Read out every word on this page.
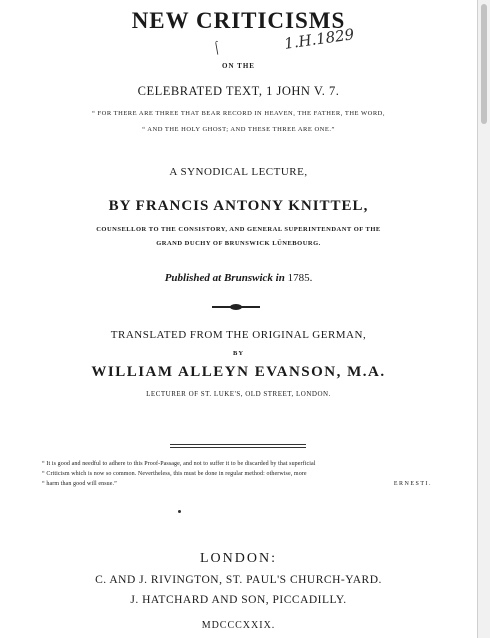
NEW CRITICISMS
⌠	1.H.1829
ON THE
CELEBRATED TEXT, 1 JOHN V. 7.
“ FOR THERE ARE THREE THAT BEAR RECORD IN HEAVEN, THE FATHER, THE WORD,
“ AND THE HOLY GHOST; AND THESE THREE ARE ONE.”
A SYNODICAL LECTURE,
BY FRANCIS ANTONY KNITTEL,
COUNSELLOR TO THE CONSISTORY, AND GENERAL SUPERINTENDANT OF THE
GRAND DUCHY OF BRUNSWICK LÜNEBOURG.
Published at Brunswick in 1785.
TRANSLATED FROM THE ORIGINAL GERMAN,
BY
WILLIAM ALLEYN EVANSON, M.A.
LECTURER OF ST. LUKE'S, OLD STREET, LONDON.
“ It is good and needful to adhere to this Proof-Passage, and not to suffer it to be discarded by that superficial
“ Criticism which is now so common. Nevertheless, this must be done in regular method: otherwise, more
“ harm than good will ensue.”	ERNESTI.
LONDON:
C. AND J. RIVINGTON, ST. PAUL'S CHURCH-YARD.
J. HATCHARD AND SON, PICCADILLY.
MDCCCXXIX.
